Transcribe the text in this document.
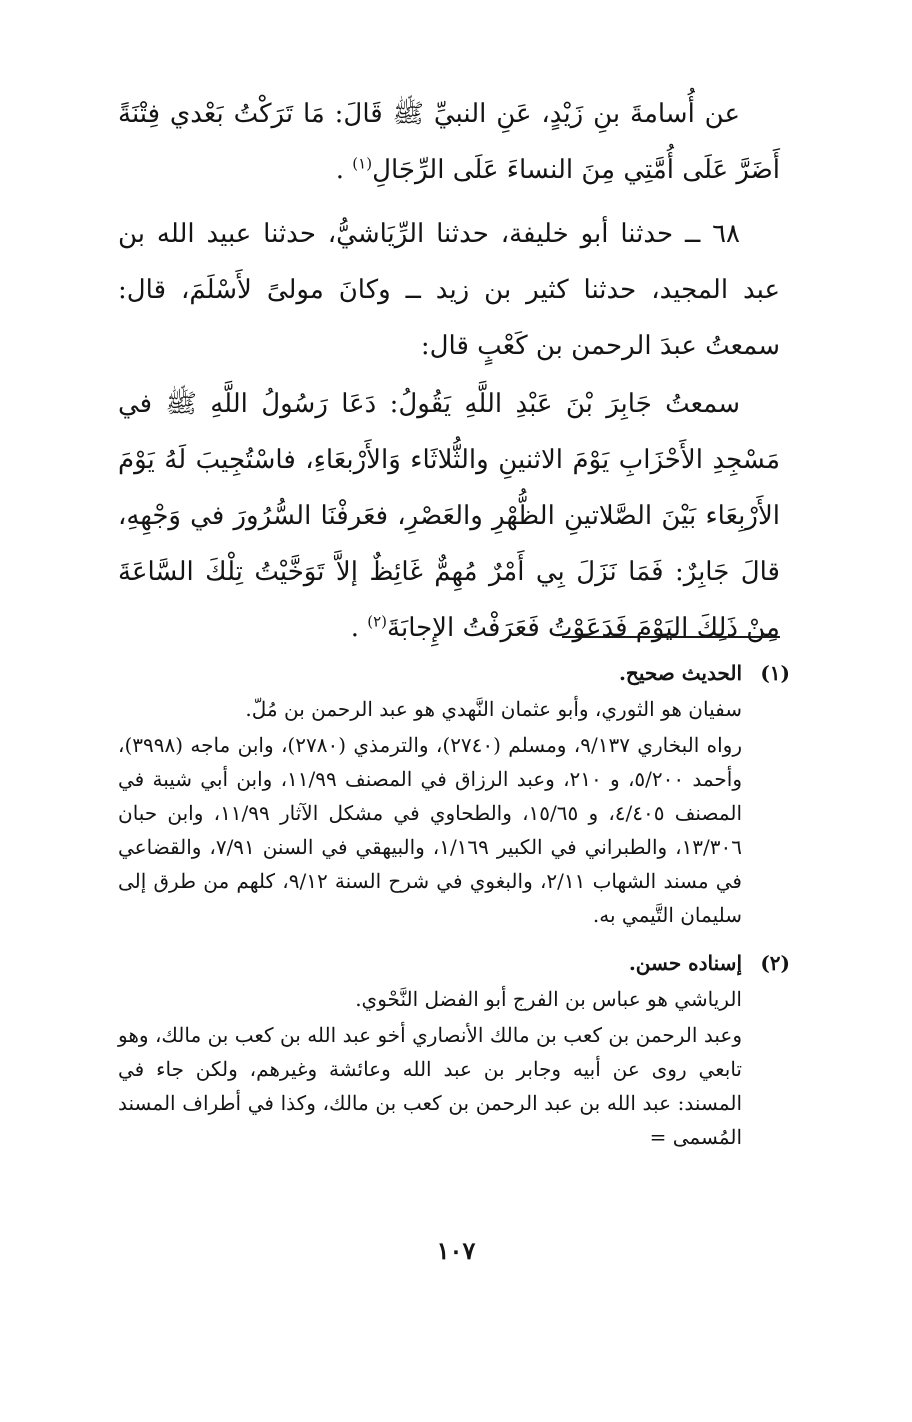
عن أُسامةَ بنِ زَيْدٍ، عَنِ النبيِّ ﷺ قَالَ: مَا تَرَكْتُ بَعْدي فِتْنَةً أَضَرَّ عَلَى أُمَّتِي مِنَ النساءَ عَلَى الرِّجَالِ$^{(١)}$ .

٦٨ ــ حدثنا أبو خليفة، حدثنا الرِّيَاشيُّ، حدثنا عبيد الله بن عبد المجيد، حدثنا كثير بن زيد ــ وكانَ مولىً لأَسْلَمَ، قال: سمعتُ عبدَ الرحمن بن كَعْبٍ قال:

سمعتُ جَابِرَ بْنَ عَبْدِ اللَّهِ يَقُولُ: دَعَا رَسُولُ اللَّهِ ﷺ في مَسْجِدِ الأَحْزَابِ يَوْمَ الاثنينِ والثُّلاثَاء وَالأَرْبعَاءِ، فاسْتُجِيبَ لَهُ يَوْمَ الأَرْبِعَاء بَيْنَ الصَّلاتينِ الظُّهْرِ والعَصْرِ، فعَرفْنَا السُّرُورَ في وَجْهِهِ، قالَ جَابِرٌ: فَمَا نَزَلَ بِي أَمْرٌ مُهِمٌّ غَائِظٌ إلاَّ تَوَخَّيْتُ تِلْكَ السَّاعَةَ مِنْ ذَلِكَ اليَوْمَ فَدَعَوْتُ فَعَرَفْتُ الإِجابَةَ$^{(٢)}$ .

(١)
الحديث صحيح.

سفيان هو الثوري، وأبو عثمان النَّهدي هو عبد الرحمن بن مُلّ.

رواه البخاري ٩/١٣٧، ومسلم (٢٧٤٠)، والترمذي (٢٧٨٠)، وابن ماجه (٣٩٩٨)، وأحمد ٥/٢٠٠، و ٢١٠، وعبد الرزاق في المصنف ١١/٩٩، وابن أبي شيبة في المصنف ٤/٤٠٥، و ١٥/٦٥، والطحاوي في مشكل الآثار ١١/٩٩، وابن حبان ١٣/٣٠٦، والطبراني في الكبير ١/١٦٩، والبيهقي في السنن ٧/٩١، والقضاعي في مسند الشهاب ٢/١١، والبغوي في شرح السنة ٩/١٢، كلهم من طرق إلى سليمان التَّيمي به.

(٢)
إسناده حسن.

الرياشي هو عباس بن الفرج أبو الفضل النَّحْوي.

وعبد الرحمن بن كعب بن مالك الأنصاري أخو عبد الله بن كعب بن مالك، وهو تابعي روى عن أبيه وجابر بن عبد الله وعائشة وغيرهم، ولكن جاء في المسند: عبد الله بن عبد الرحمن بن كعب بن مالك، وكذا في أطراف المسند المُسمى =

١٠٧
